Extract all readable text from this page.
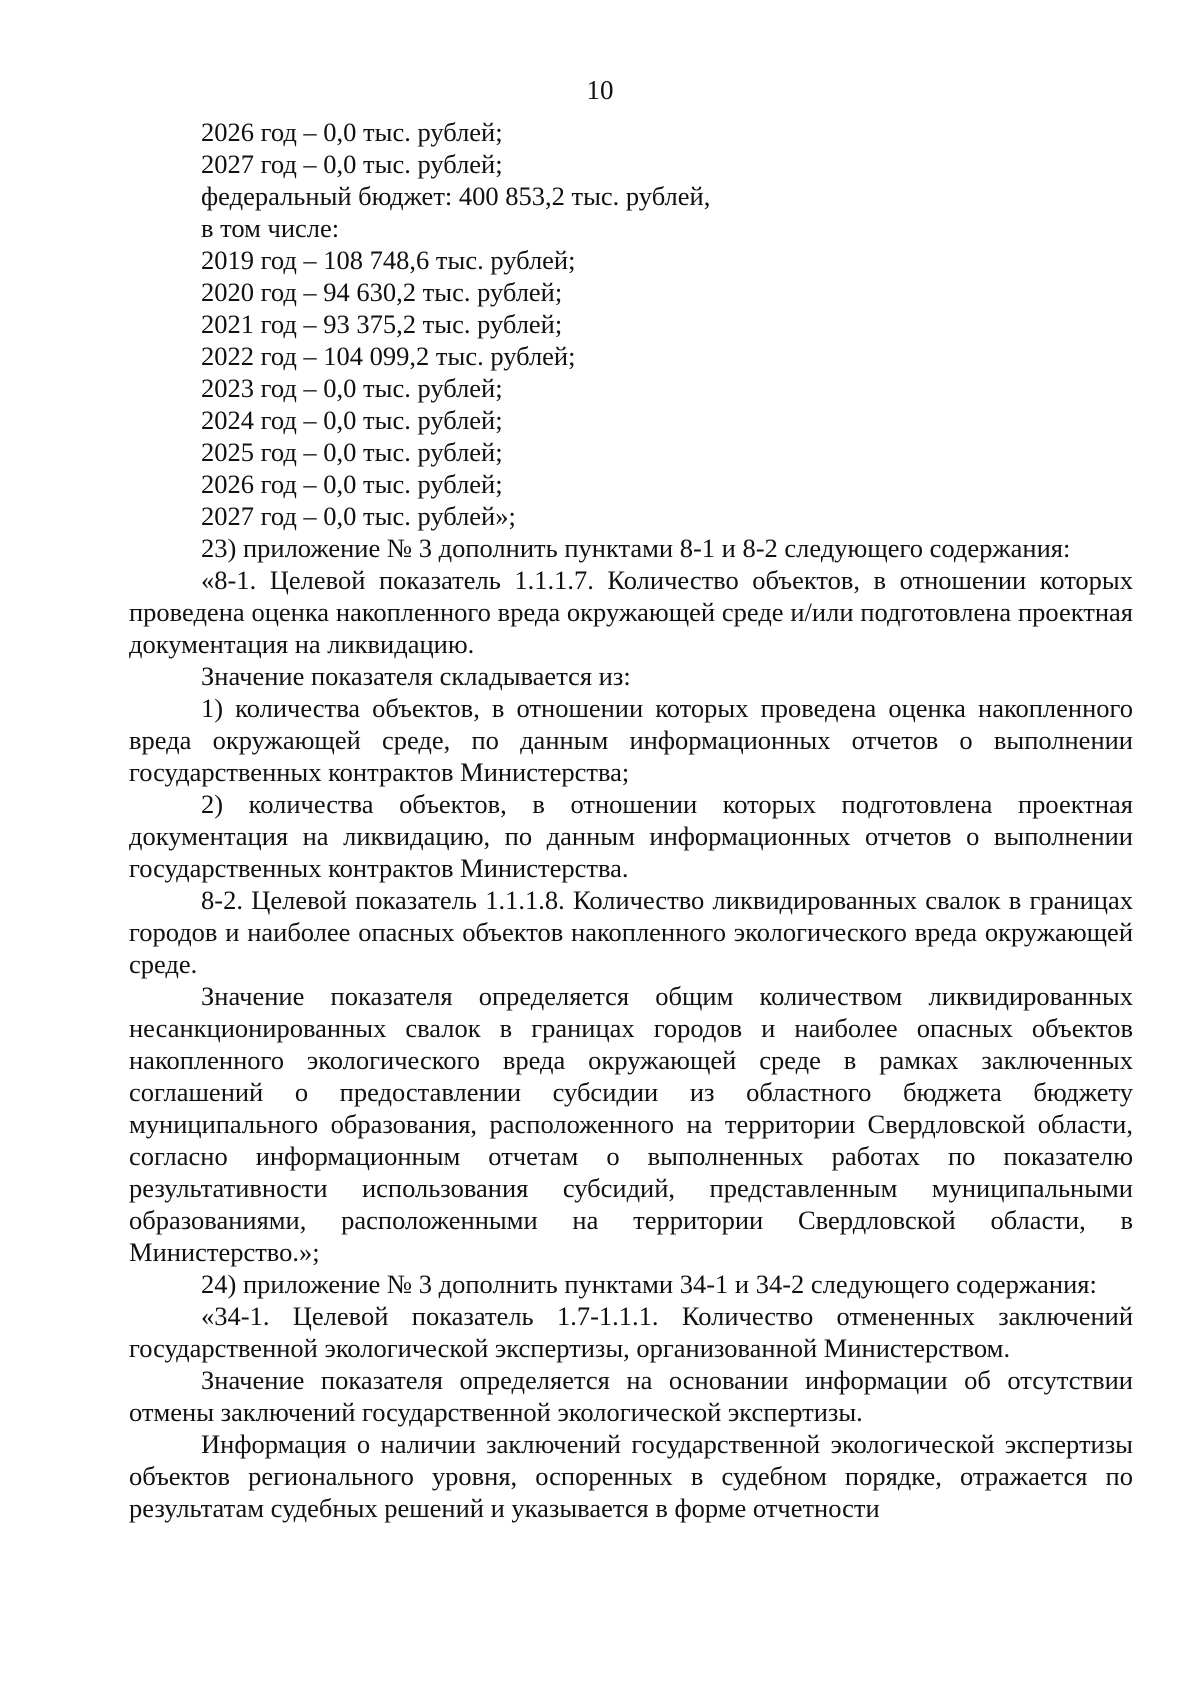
10

2026 год – 0,0 тыс. рублей;

2027 год – 0,0 тыс. рублей;

федеральный бюджет: 400 853,2 тыс. рублей,

в том числе:

2019 год – 108 748,6 тыс. рублей;

2020 год – 94 630,2 тыс. рублей;

2021 год – 93 375,2 тыс. рублей;

2022 год – 104 099,2 тыс. рублей;

2023 год – 0,0 тыс. рублей;

2024 год – 0,0 тыс. рублей;

2025 год – 0,0 тыс. рублей;

2026 год – 0,0 тыс. рублей;

2027 год – 0,0 тыс. рублей»;

23) приложение № 3 дополнить пунктами 8-1 и 8-2 следующего содержания:

«8-1. Целевой показатель 1.1.1.7. Количество объектов, в отношении которых проведена оценка накопленного вреда окружающей среде и/или подготовлена проектная документация на ликвидацию.

Значение показателя складывается из:

1) количества объектов, в отношении которых проведена оценка накопленного вреда окружающей среде, по данным информационных отчетов о выполнении государственных контрактов Министерства;

2) количества объектов, в отношении которых подготовлена проектная документация на ликвидацию, по данным информационных отчетов о выполнении государственных контрактов Министерства.

8-2. Целевой показатель 1.1.1.8. Количество ликвидированных свалок в границах городов и наиболее опасных объектов накопленного экологического вреда окружающей среде.

Значение показателя определяется общим количеством ликвидированных несанкционированных свалок в границах городов и наиболее опасных объектов накопленного экологического вреда окружающей среде в рамках заключенных соглашений о предоставлении субсидии из областного бюджета бюджету муниципального образования, расположенного на территории Свердловской области, согласно информационным отчетам о выполненных работах по показателю результативности использования субсидий, представленным муниципальными образованиями, расположенными на территории Свердловской области, в Министерство.»;

24) приложение № 3 дополнить пунктами 34-1 и 34-2 следующего содержания:

«34-1. Целевой показатель 1.7-1.1.1. Количество отмененных заключений государственной экологической экспертизы, организованной Министерством.

Значение показателя определяется на основании информации об отсутствии отмены заключений государственной экологической экспертизы.

Информация о наличии заключений государственной экологической экспертизы объектов регионального уровня, оспоренных в судебном порядке, отражается по результатам судебных решений и указывается в форме отчетности
